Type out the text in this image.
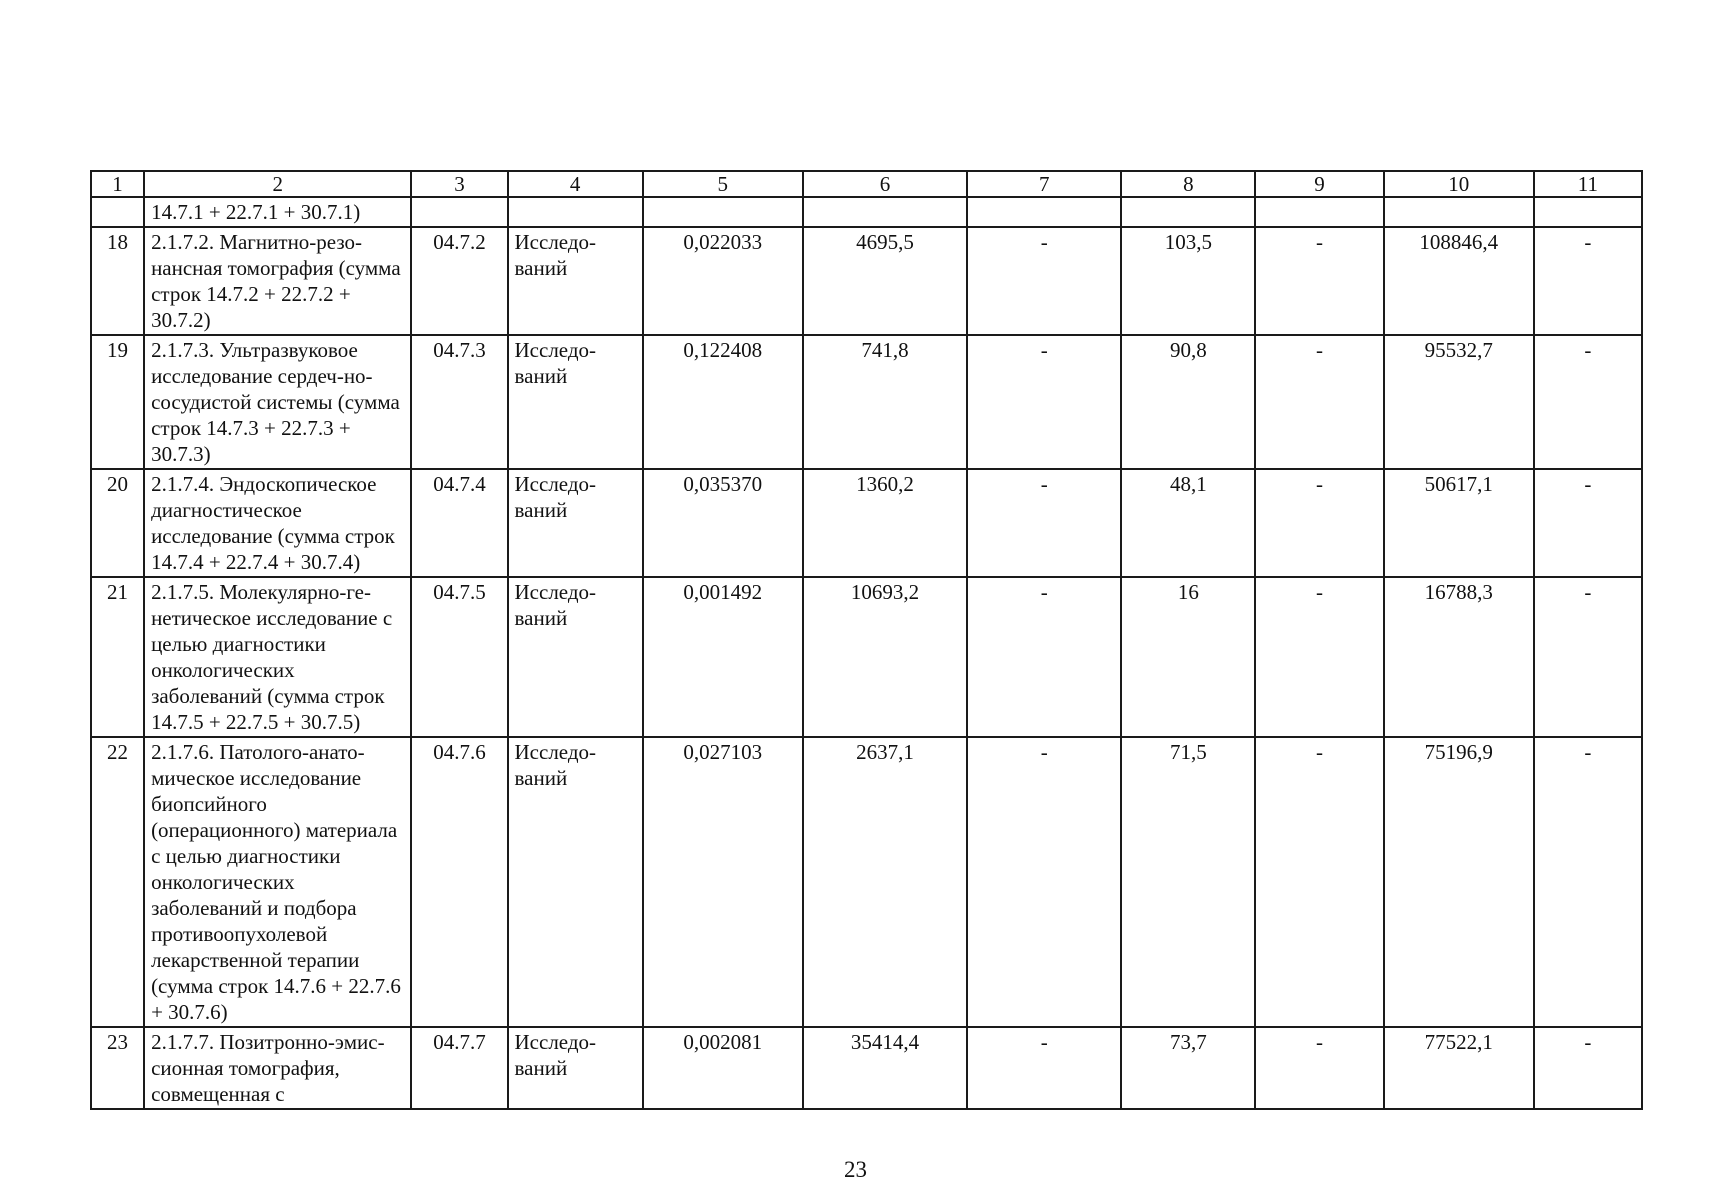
1	2	3	4	5	6	7	8	9	10	11
	14.7.1 + 22.7.1 + 30.7.1)									
18	2.1.7.2. Магнитно-резо-нансная томография (сумма строк 14.7.2 + 22.7.2 + 30.7.2)	04.7.2	Исследо-ваний	0,022033	4695,5	-	103,5	-	108846,4	-
19	2.1.7.3. Ультразвуковое исследование сердеч-но-сосудистой системы (сумма строк 14.7.3 + 22.7.3 + 30.7.3)	04.7.3	Исследо-ваний	0,122408	741,8	-	90,8	-	95532,7	-
20	2.1.7.4. Эндоскопическое диагностическое исследование (сумма строк 14.7.4 + 22.7.4 + 30.7.4)	04.7.4	Исследо-ваний	0,035370	1360,2	-	48,1	-	50617,1	-
21	2.1.7.5. Молекулярно-ге-нетическое исследование с целью диагностики онкологических заболеваний (сумма строк 14.7.5 + 22.7.5 + 30.7.5)	04.7.5	Исследо-ваний	0,001492	10693,2	-	16	-	16788,3	-
22	2.1.7.6. Патолого-анато-мическое исследование биопсийного (операционного) материала с целью диагностики онкологических заболеваний и подбора противоопухолевой лекарственной терапии (сумма строк 14.7.6 + 22.7.6 + 30.7.6)	04.7.6	Исследо-ваний	0,027103	2637,1	-	71,5	-	75196,9	-
23	2.1.7.7. Позитронно-эмис-сионная томография, совмещенная с	04.7.7	Исследо-ваний	0,002081	35414,4	-	73,7	-	77522,1	-
23
